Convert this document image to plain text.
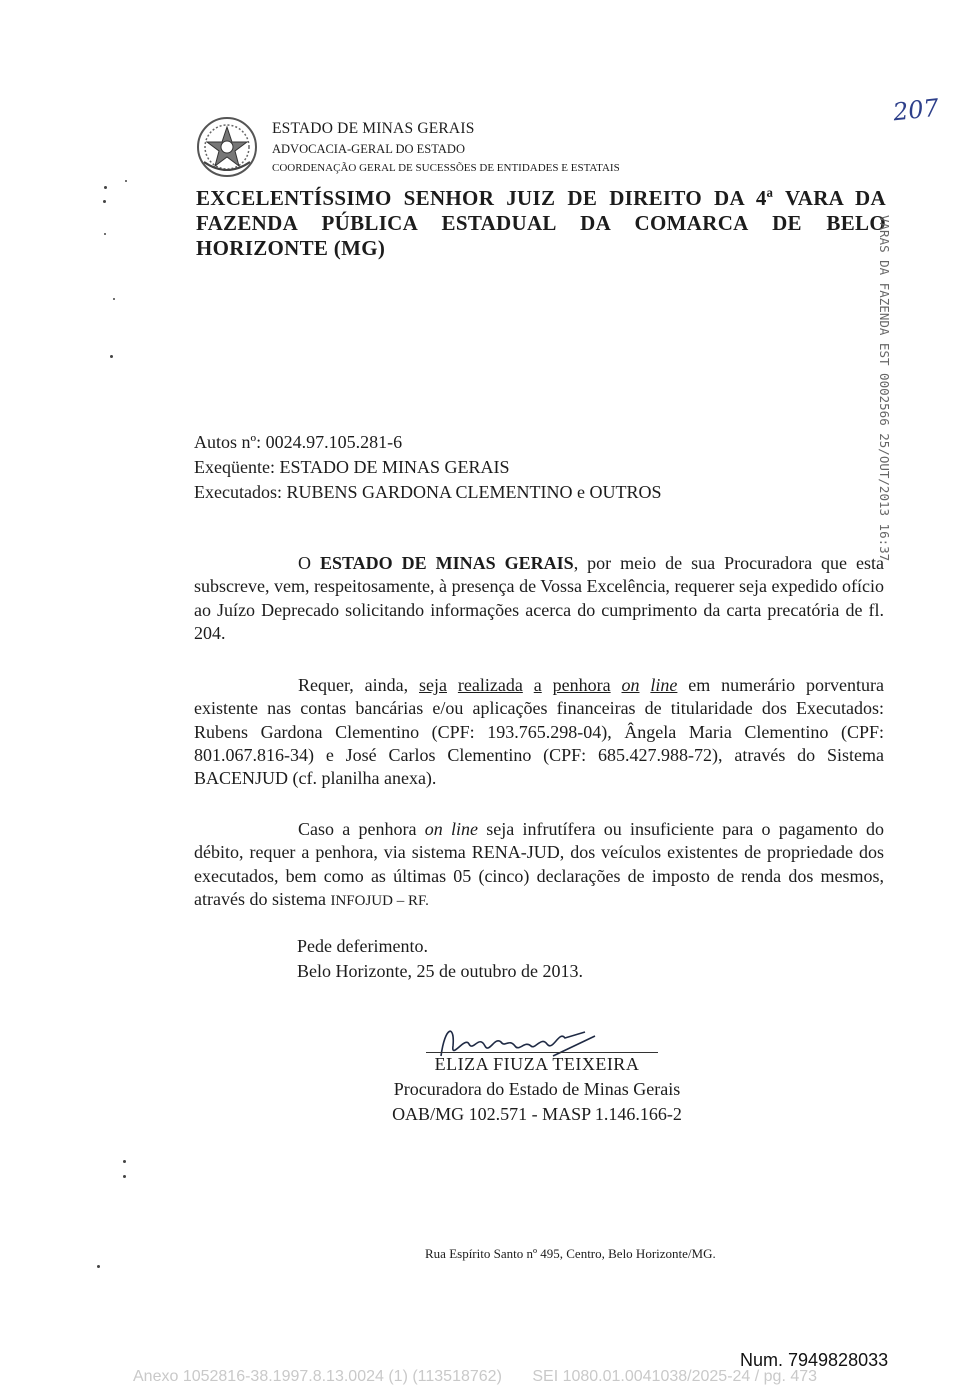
ESTADO DE MINAS GERAIS
ADVOCACIA-GERAL DO ESTADO
COORDENAÇÃO GERAL DE SUCESSÕES DE ENTIDADES E ESTATAIS
207
EXCELENTÍSSIMO SENHOR JUIZ DE DIREITO DA 4ª VARA DA FAZENDA PÚBLICA ESTADUAL DA COMARCA DE BELO HORIZONTE (MG)	VARAS DA FAZENDA EST 0002566 25/OUT/2013 16:37
Autos nº: 0024.97.105.281-6
Exeqüente: ESTADO DE MINAS GERAIS
Executados: RUBENS GARDONA CLEMENTINO e OUTROS
O ESTADO DE MINAS GERAIS, por meio de sua Procuradora que esta subscreve, vem, respeitosamente, à presença de Vossa Excelência, requerer seja expedido ofício ao Juízo Deprecado solicitando informações acerca do cumprimento da carta precatória de fl. 204.
Requer, ainda, seja realizada a penhora on line em numerário porventura existente nas contas bancárias e/ou aplicações financeiras de titularidade dos Executados: Rubens Gardona Clementino (CPF: 193.765.298-04), Ângela Maria Clementino (CPF: 801.067.816-34) e José Carlos Clementino (CPF: 685.427.988-72), através do Sistema BACENJUD (cf. planilha anexa).
Caso a penhora on line seja infrutífera ou insuficiente para o pagamento do débito, requer a penhora, via sistema RENA-JUD, dos veículos existentes de propriedade dos executados, bem como as últimas 05 (cinco) declarações de imposto de renda dos mesmos, através do sistema INFOJUD – RF.
Pede deferimento.
Belo Horizonte, 25 de outubro de 2013.
ELIZA FIUZA TEIXEIRA
Procuradora do Estado de Minas Gerais
OAB/MG 102.571 - MASP 1.146.166-2
Rua Espírito Santo nº 495, Centro, Belo Horizonte/MG.
Num. 7949828033
Anexo 1052816-38.1997.8.13.0024 (1) (113518762) SEI 1080.01.0041038/2025-24 / pg. 473
